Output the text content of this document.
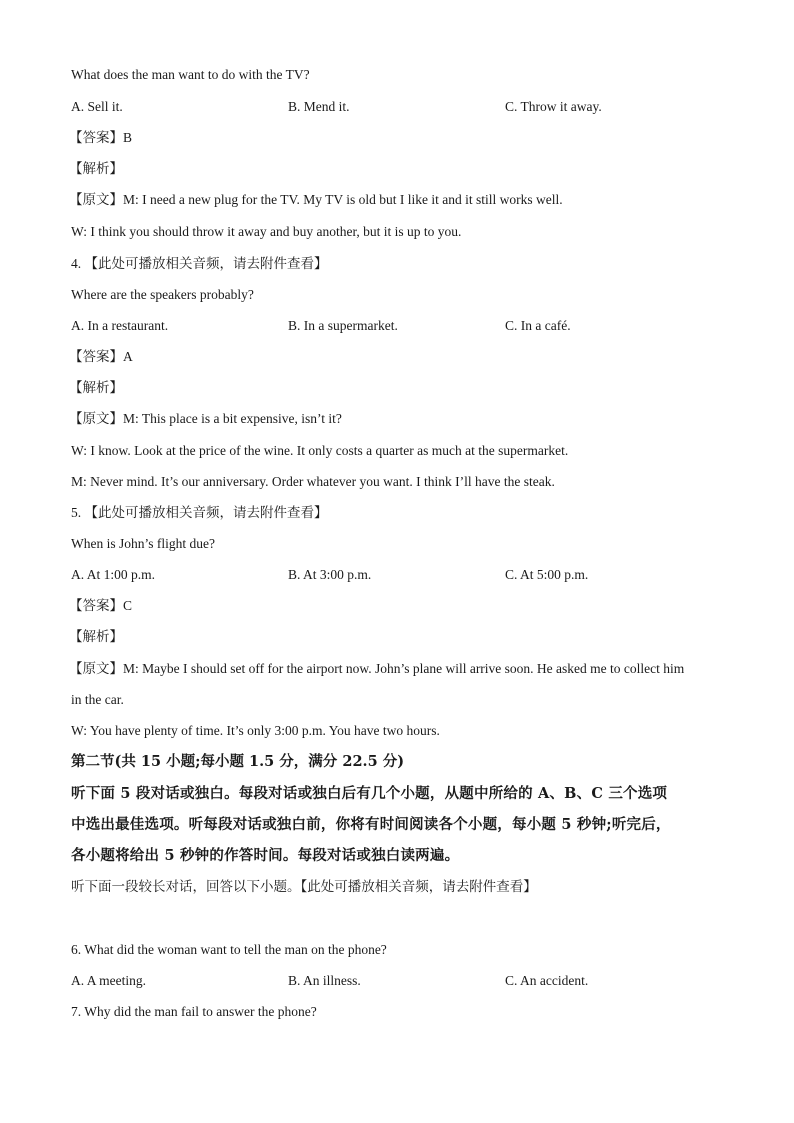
What does the man want to do with the TV?
A. Sell it.	B. Mend it.	C. Throw it away.
【答案】B
【解析】
【原文】M: I need a new plug for the TV. My TV is old but I like it and it still works well.
W: I think you should throw it away and buy another, but it is up to you.
4. 【此处可播放相关音频，请去附件查看】
Where are the speakers probably?
A. In a restaurant.	B. In a supermarket.	C. In a café.
【答案】A
【解析】
【原文】M: This place is a bit expensive, isn’t it?
W: I know. Look at the price of the wine. It only costs a quarter as much at the supermarket.
M: Never mind. It’s our anniversary. Order whatever you want. I think I’ll have the steak.
5. 【此处可播放相关音频，请去附件查看】
When is John’s flight due?
A. At 1:00 p.m.	B. At 3:00 p.m.	C. At 5:00 p.m.
【答案】C
【解析】
【原文】M: Maybe I should set off for the airport now. John’s plane will arrive soon. He asked me to collect him
in the car.
W: You have plenty of time. It’s only 3:00 p.m. You have two hours.
第二节(共 15 小题;每小题 1.5 分，满分 22.5 分)
听下面 5 段对话或独白。每段对话或独白后有几个小题，从题中所给的 A、B、C 三个选项
中选出最佳选项。听每段对话或独白前，你将有时间阅读各个小题，每小题 5 秒钟;听完后，
各小题将给出 5 秒钟的作答时间。每段对话或独白读两遍。
听下面一段较长对话，回答以下小题。【此处可播放相关音频，请去附件查看】
6. What did the woman want to tell the man on the phone?
A. A meeting.	B. An illness.	C. An accident.
7. Why did the man fail to answer the phone?
